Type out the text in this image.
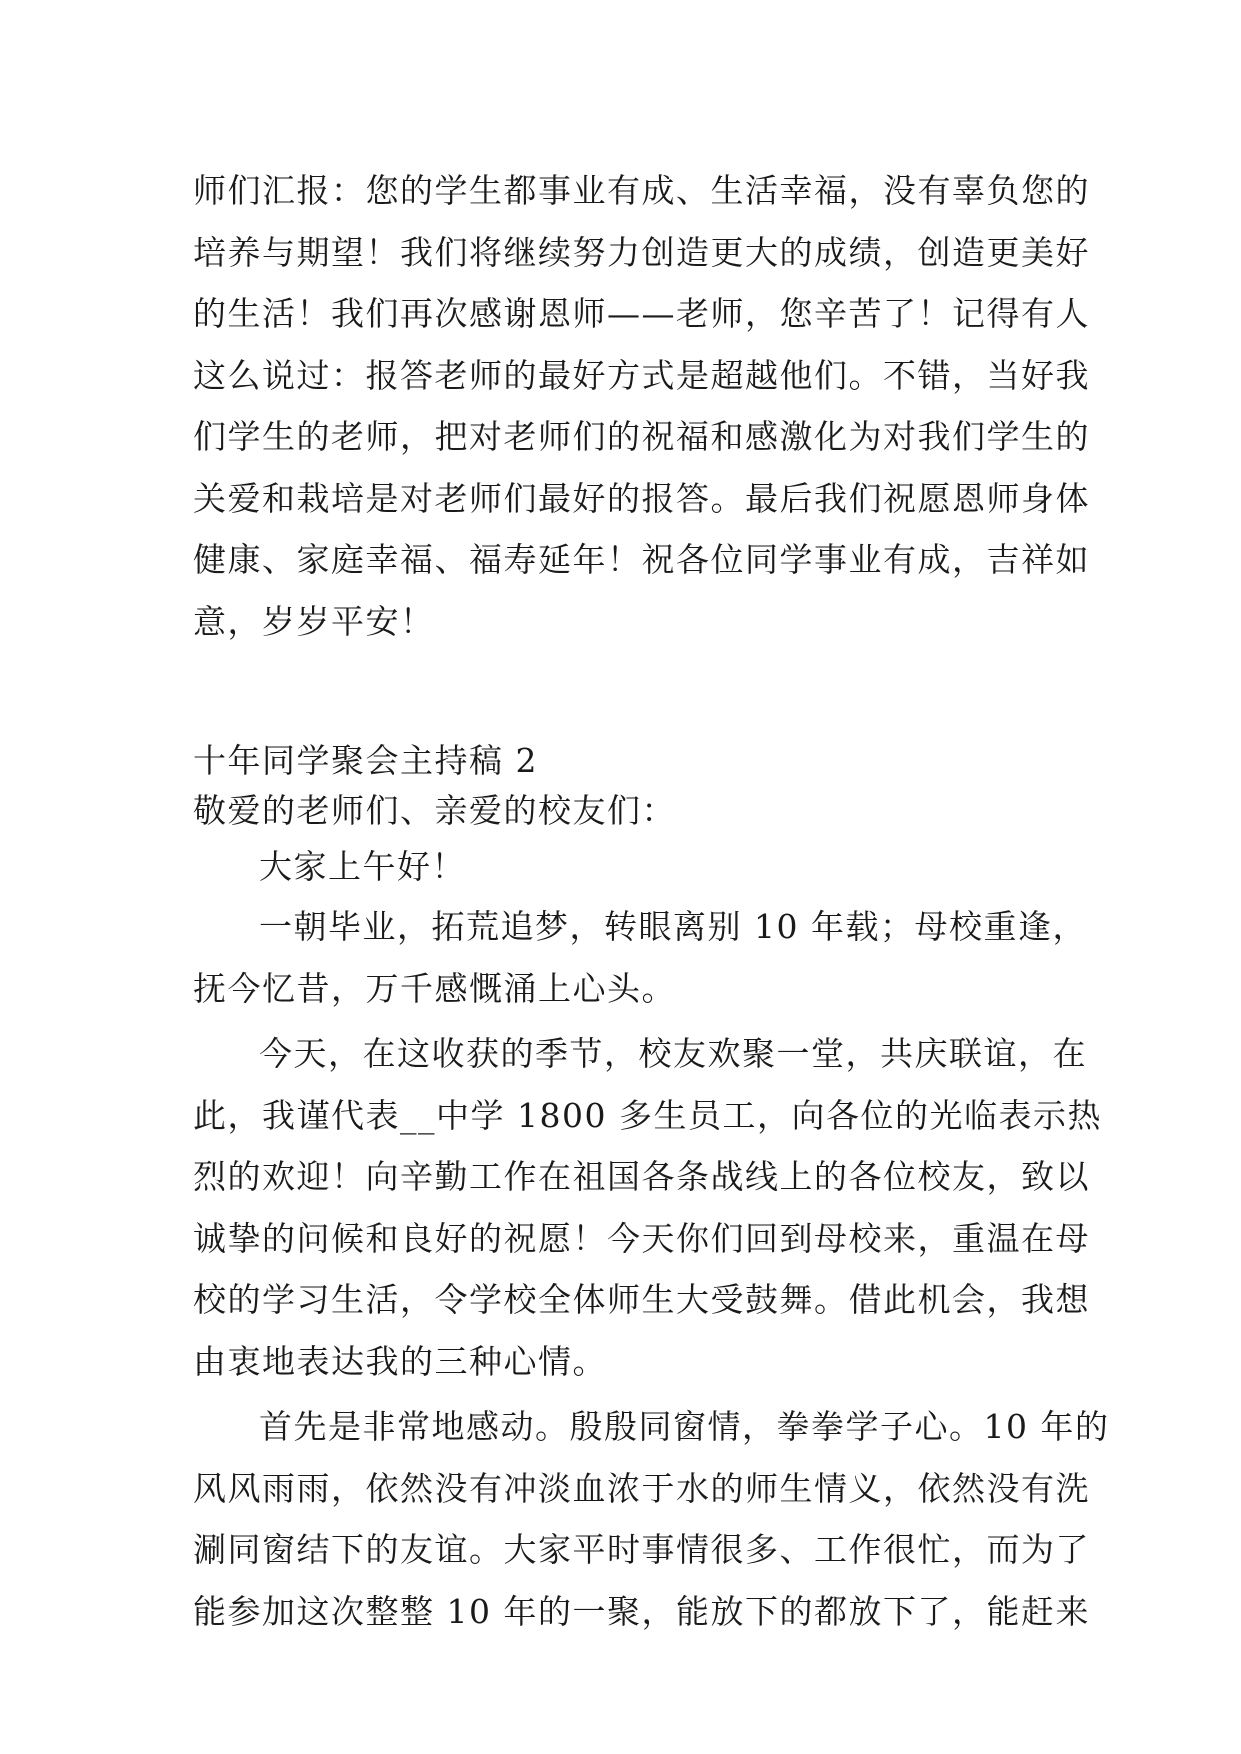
师们汇报：您的学生都事业有成、生活幸福，没有辜负您的
培养与期望！我们将继续努力创造更大的成绩，创造更美好
的生活！我们再次感谢恩师——老师，您辛苦了！记得有人
这么说过：报答老师的最好方式是超越他们。不错，当好我
们学生的老师，把对老师们的祝福和感激化为对我们学生的
关爱和栽培是对老师们最好的报答。最后我们祝愿恩师身体
健康、家庭幸福、福寿延年！祝各位同学事业有成，吉祥如
意，岁岁平安！
十年同学聚会主持稿 2
敬爱的老师们、亲爱的校友们：
大家上午好！
一朝毕业，拓荒追梦，转眼离别 10 年载；母校重逢，
抚今忆昔，万千感慨涌上心头。
今天，在这收获的季节，校友欢聚一堂，共庆联谊，在
此，我谨代表__中学 1800 多生员工，向各位的光临表示热
烈的欢迎！向辛勤工作在祖国各条战线上的各位校友，致以
诚挚的问候和良好的祝愿！今天你们回到母校来，重温在母
校的学习生活，令学校全体师生大受鼓舞。借此机会，我想
由衷地表达我的三种心情。
首先是非常地感动。殷殷同窗情，拳拳学子心。10 年的
风风雨雨，依然没有冲淡血浓于水的师生情义，依然没有洗
涮同窗结下的友谊。大家平时事情很多、工作很忙，而为了
能参加这次整整 10 年的一聚，能放下的都放下了，能赶来
